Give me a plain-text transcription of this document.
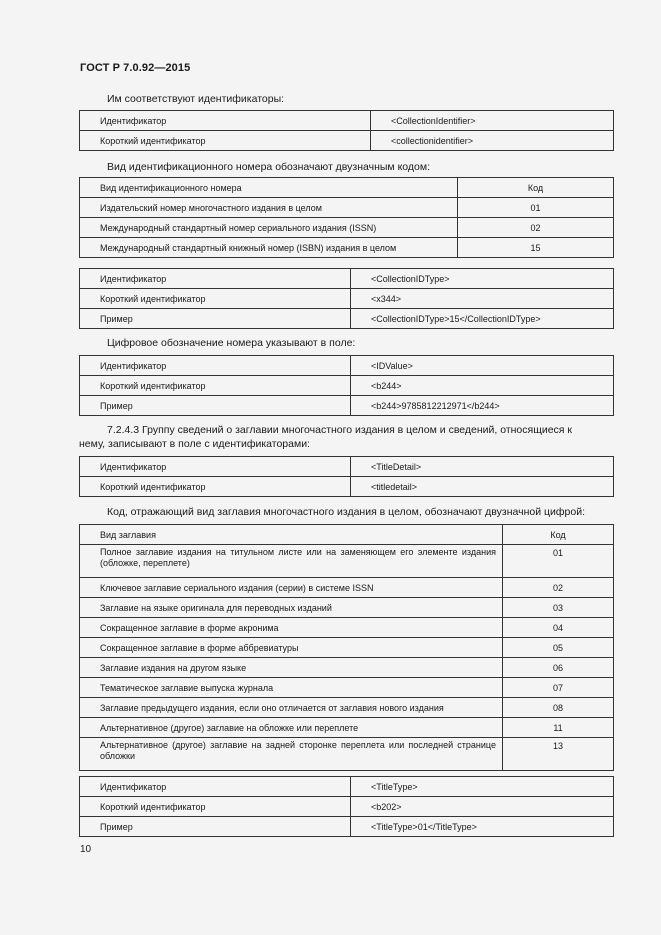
ГОСТ Р 7.0.92—2015
Им соответствуют идентификаторы:
Идентификатор	<CollectionIdentifier>
Короткий идентификатор	<collectionidentifier>
Вид идентификационного номера обозначают двузначным кодом:
Вид идентификационного номера	Код
Издательский номер многочастного издания в целом	01
Международный стандартный номер сериального издания (ISSN)	02
Международный стандартный книжный номер (ISBN) издания в целом	15
Идентификатор	<CollectionIDType>
Короткий идентификатор	<x344>
Пример	<CollectionIDType>15</CollectionIDType>
Цифровое обозначение номера указывают в поле:
Идентификатор	<IDValue>
Короткий идентификатор	<b244>
Пример	<b244>9785812212971</b244>
7.2.4.3 Группу сведений о заглавии многочастного издания в целом и сведений, относящиеся к
нему, записывают в поле с идентификаторами:
Идентификатор	<TitleDetail>
Короткий идентификатор	<titledetail>
Код, отражающий вид заглавия многочастного издания в целом, обозначают двузначной цифрой:
Вид заглавия	Код
Полное заглавие издания на титульном листе или на заменяющем его элементе издания (обложке, переплете)	01
Ключевое заглавие сериального издания (серии) в системе ISSN	02
Заглавие на языке оригинала для переводных изданий	03
Сокращенное заглавие в форме акронима	04
Сокращенное заглавие в форме аббревиатуры	05
Заглавие издания на другом языке	06
Тематическое заглавие выпуска журнала	07
Заглавие предыдущего издания, если оно отличается от заглавия нового издания	08
Альтернативное (другое) заглавие на обложке или переплете	11
Альтернативное (другое) заглавие на задней сторонке переплета или последней странице обложки	13
Идентификатор	<TitleType>
Короткий идентификатор	<b202>
Пример	<TitleType>01</TitleType>
10
